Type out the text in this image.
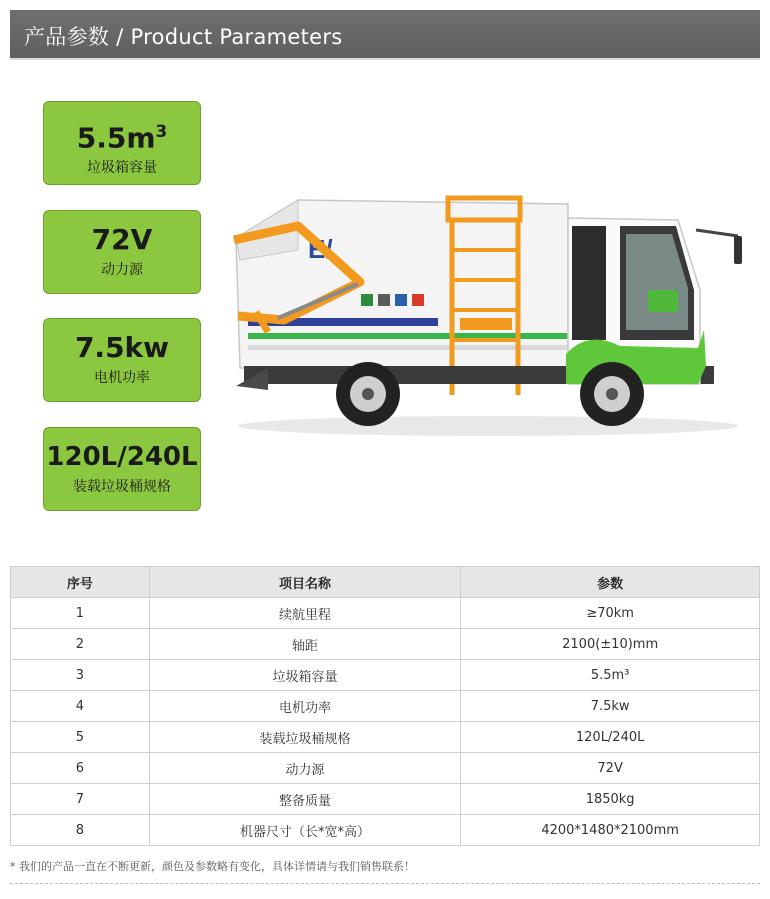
产品参数 / Product Parameters
$5.5m^3$
垃圾箱容量
72V
动力源
7.5kw
电机功率
120L/240L
装载垃圾桶规格
E/
序号	项目名称	参数
1	续航里程	≥70km
2	轴距	2100(±10)mm
3	垃圾箱容量	5.5m³
4	电机功率	7.5kw
5	装载垃圾桶规格	120L/240L
6	动力源	72V
7	整备质量	1850kg
8	机器尺寸（长*宽*高）	4200*1480*2100mm
* 我们的产品一直在不断更新，颜色及参数略有变化，具体详情请与我们销售联系！
